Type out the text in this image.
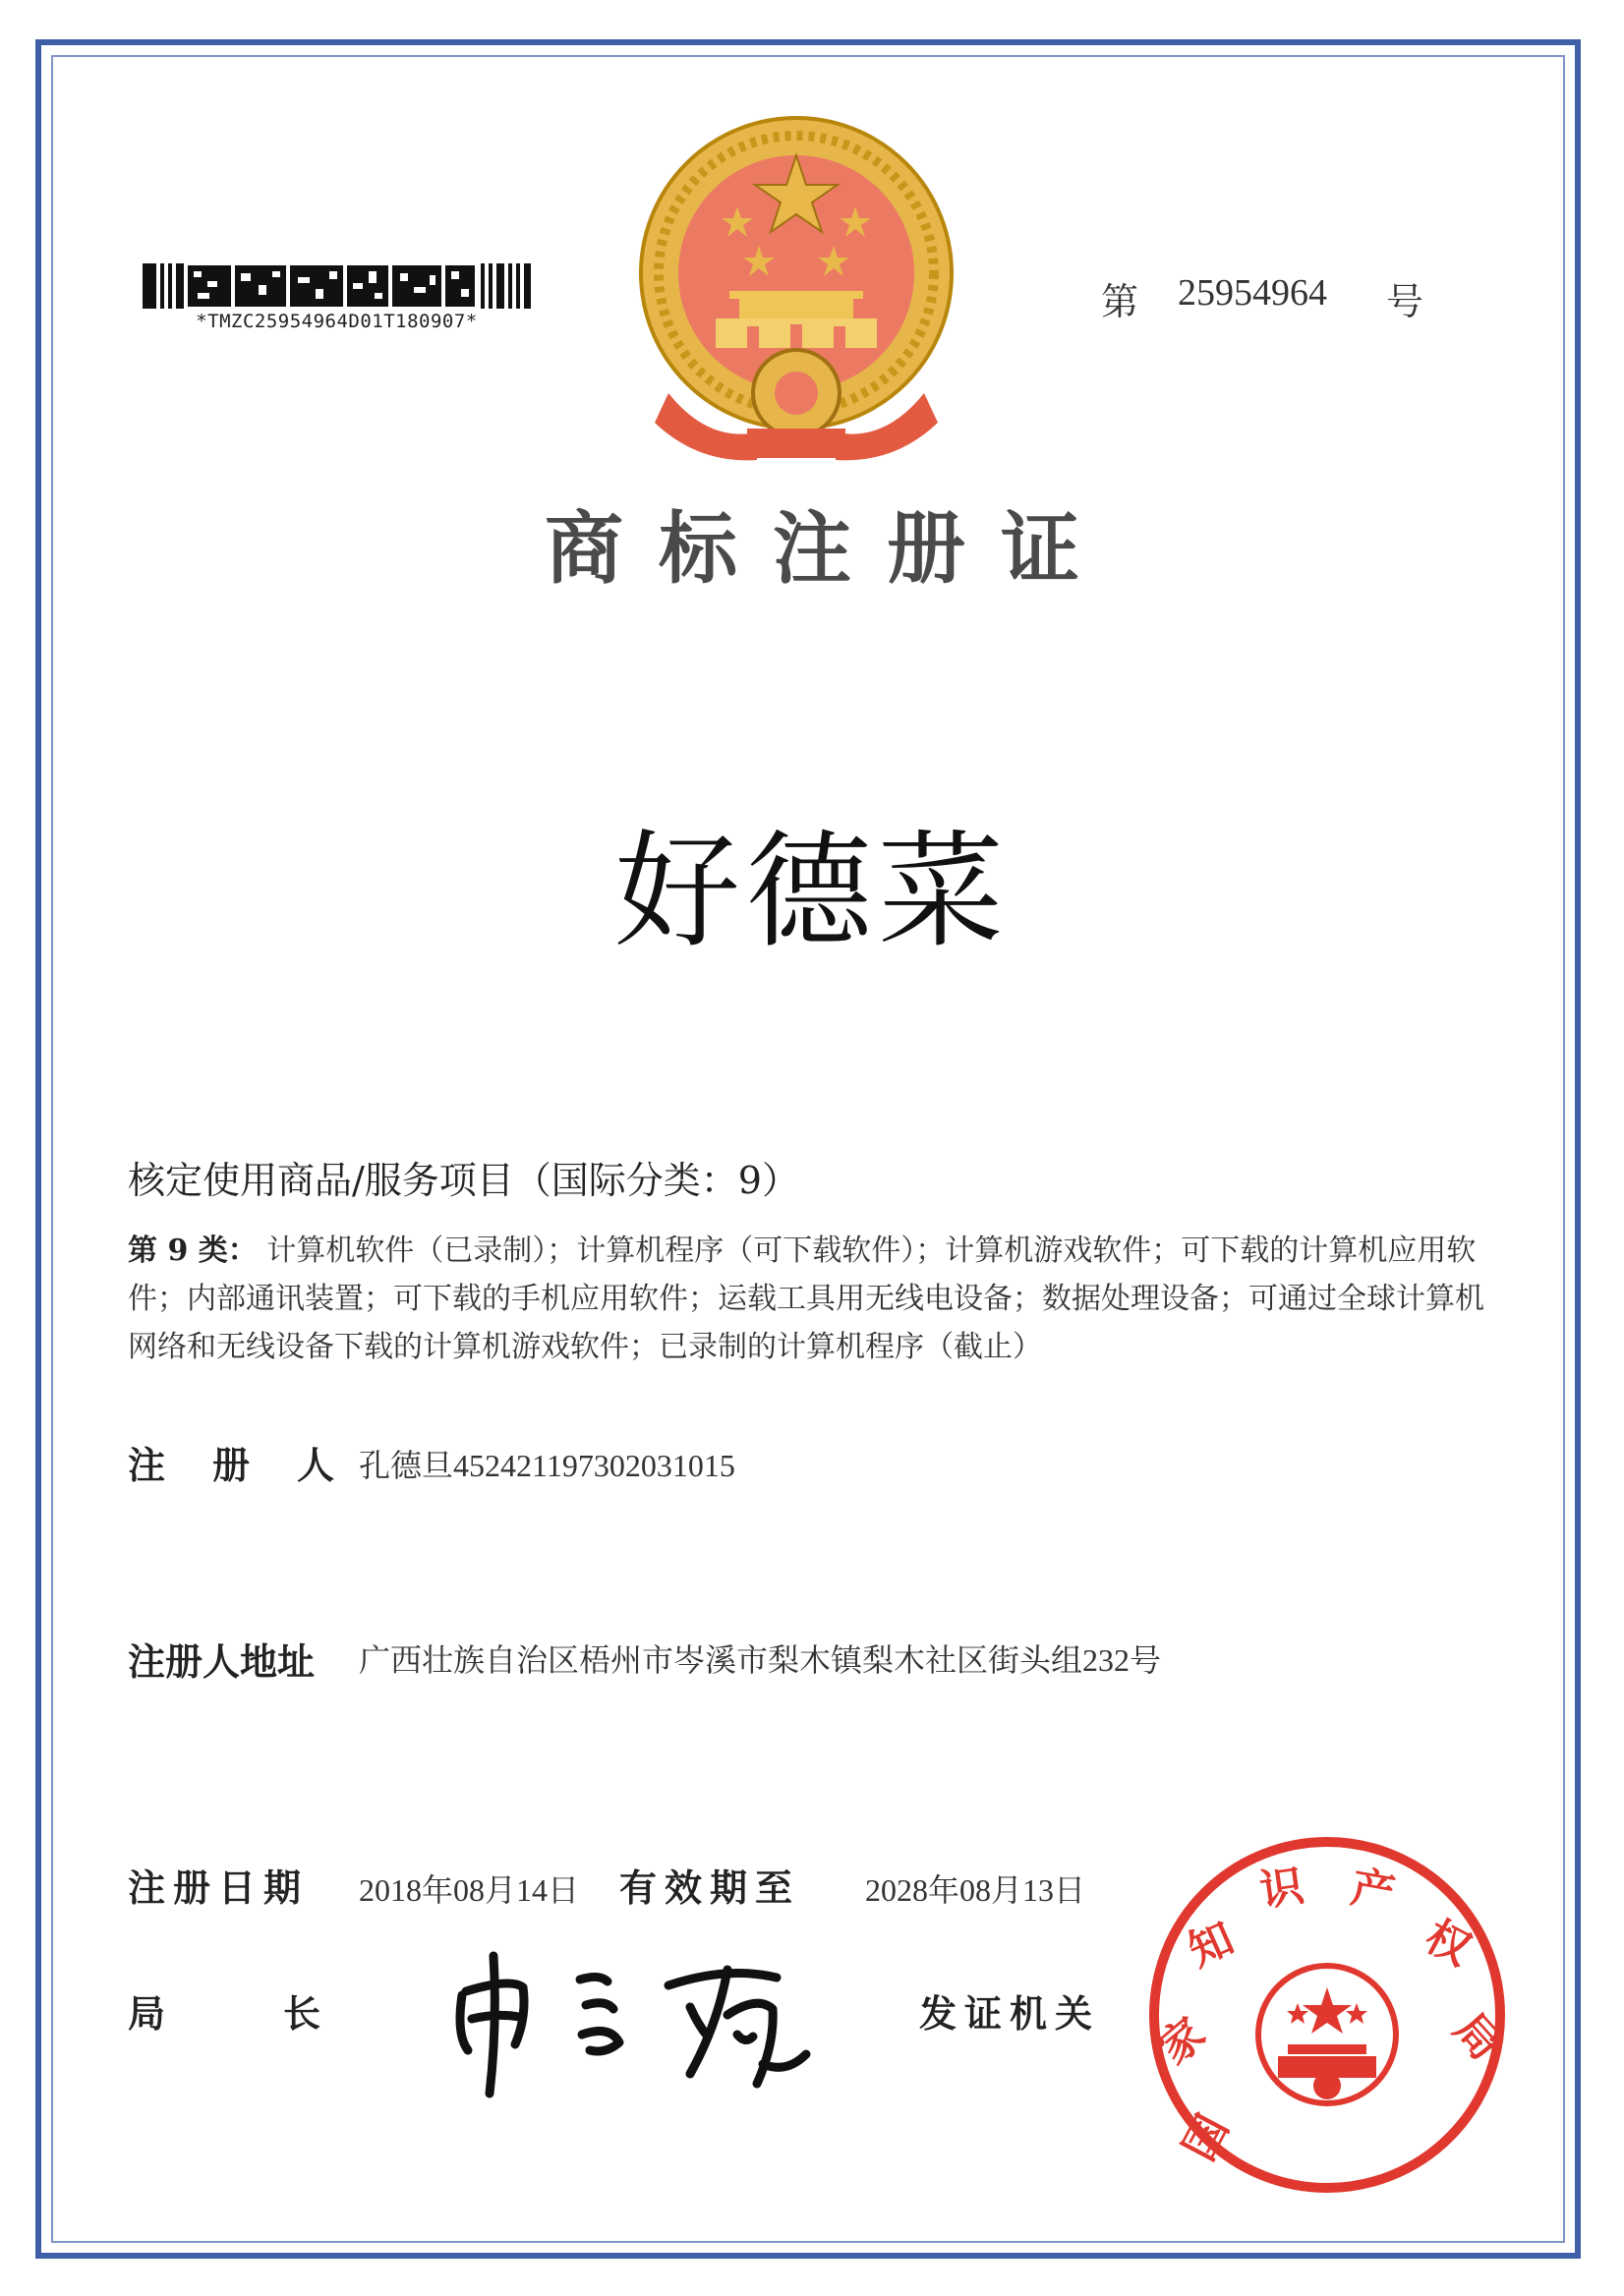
*TMZC25954964D01T180907*	第 25954964 号
商标注册证
好德菜
核定使用商品/服务项目（国际分类：9）
第 9 类： 计算机软件（已录制）；计算机程序（可下载软件）；计算机游戏软件；可下载的计算机应用软件；内部通讯装置；可下载的手机应用软件；运载工具用无线电设备；数据处理设备；可通过全球计算机网络和无线设备下载的计算机游戏软件；已录制的计算机程序（截止）
注册人
孔德旦452421197302031015
注册人地址 广西壮族自治区梧州市岑溪市梨木镇梨木社区街头组232号
注册日期 2018年08月14日 有效期至 2028年08月13日
局长	发证机关
国
家
知
识 产
权
局
